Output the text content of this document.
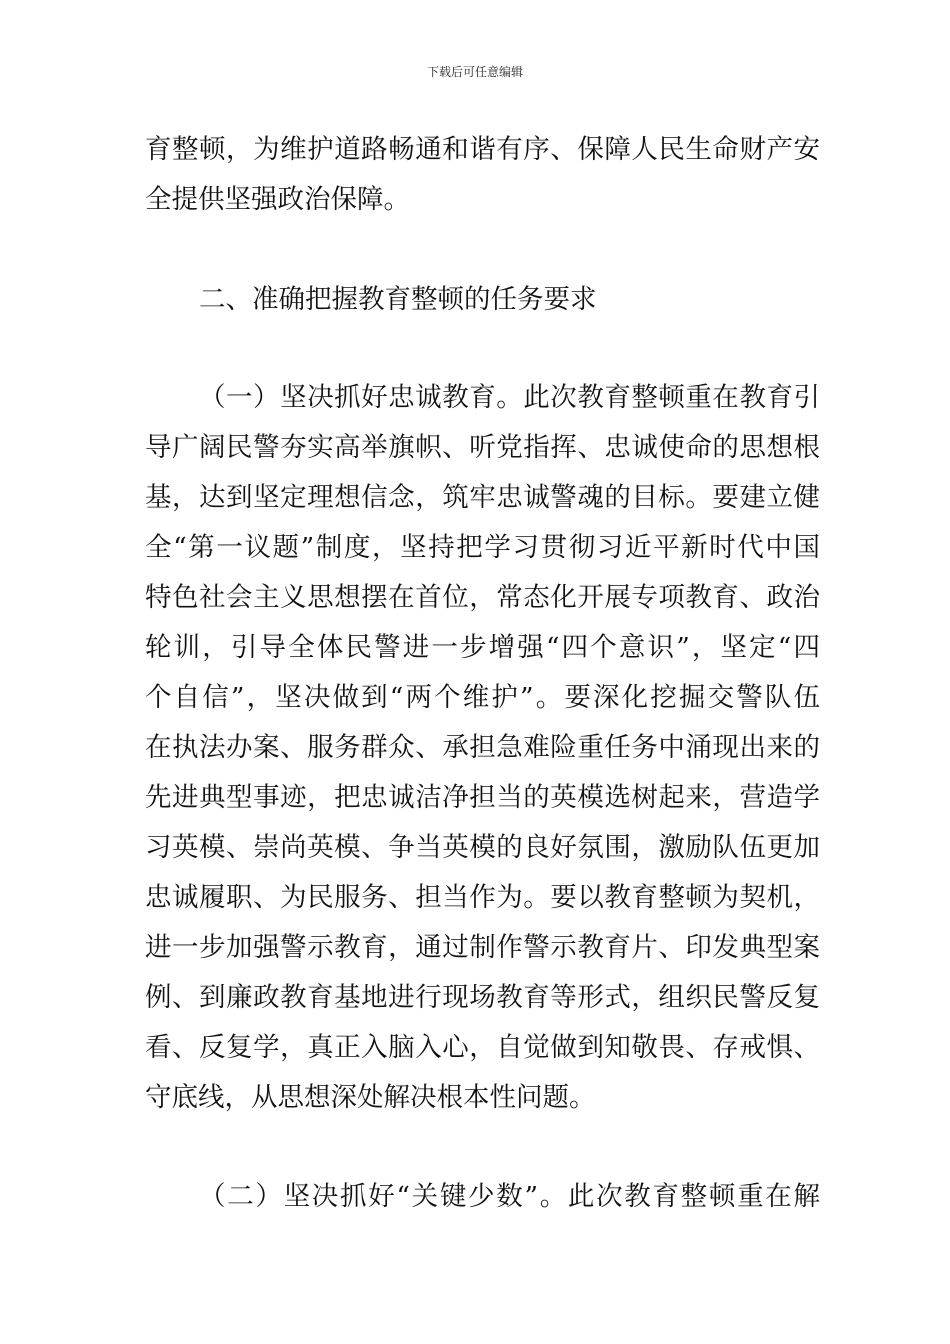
下载后可任意编辑
育整顿，为维护道路畅通和谐有序、保障人民生命财产安
全提供坚强政治保障。
二、准确把握教育整顿的任务要求
（一）坚决抓好忠诚教育。此次教育整顿重在教育引
导广阔民警夯实高举旗帜、听党指挥、忠诚使命的思想根
基，达到坚定理想信念，筑牢忠诚警魂的目标。要建立健
全“第一议题”制度，坚持把学习贯彻习近平新时代中国
特色社会主义思想摆在首位，常态化开展专项教育、政治
轮训，引导全体民警进一步增强“四个意识”，坚定“四
个自信”，坚决做到“两个维护”。要深化挖掘交警队伍
在执法办案、服务群众、承担急难险重任务中涌现出来的
先进典型事迹，把忠诚洁净担当的英模选树起来，营造学
习英模、崇尚英模、争当英模的良好氛围，激励队伍更加
忠诚履职、为民服务、担当作为。要以教育整顿为契机，
进一步加强警示教育，通过制作警示教育片、印发典型案
例、到廉政教育基地进行现场教育等形式，组织民警反复
看、反复学，真正入脑入心，自觉做到知敬畏、存戒惧、
守底线，从思想深处解决根本性问题。
（二）坚决抓好“关键少数”。此次教育整顿重在解
